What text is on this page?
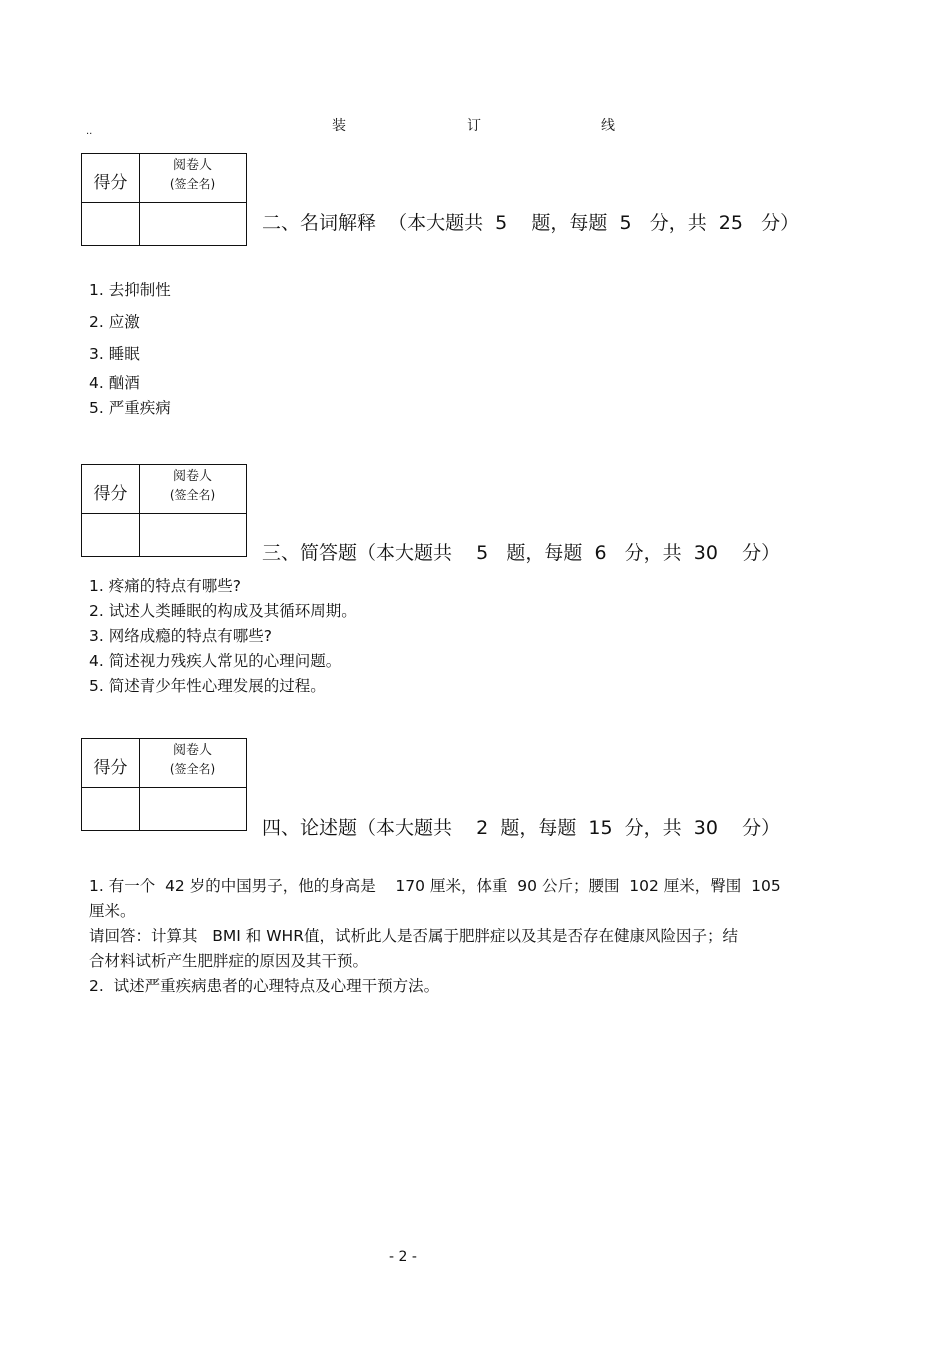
装	订	线
..
得分
阅卷人
(签全名)
二、名词解释  （本大题共  5    题，每题  5   分，共  25   分）
1. 去抑制性
2. 应激
3. 睡眠
4. 酗酒
5. 严重疾病
得分
阅卷人
(签全名)
三、简答题（本大题共    5   题，每题  6   分，共  30    分）
1. 疼痛的特点有哪些?
2. 试述人类睡眠的构成及其循环周期。
3. 网络成瘾的特点有哪些?
4. 简述视力残疾人常见的心理问题。
5. 简述青少年性心理发展的过程。
得分
阅卷人
(签全名)
四、论述题（本大题共    2  题，每题  15  分，共  30    分）

1. 有一个  42 岁的中国男子，他的身高是    170 厘米，体重  90 公斤；腰围  102 厘米，臀围  105

厘米。

请回答：计算其   BMI 和 WHR值，试析此人是否属于肥胖症以及其是否存在健康风险因子；结

合材料试析产生肥胖症的原因及其干预。

2.  试述严重疾病患者的心理特点及心理干预方法。

- 2 -
